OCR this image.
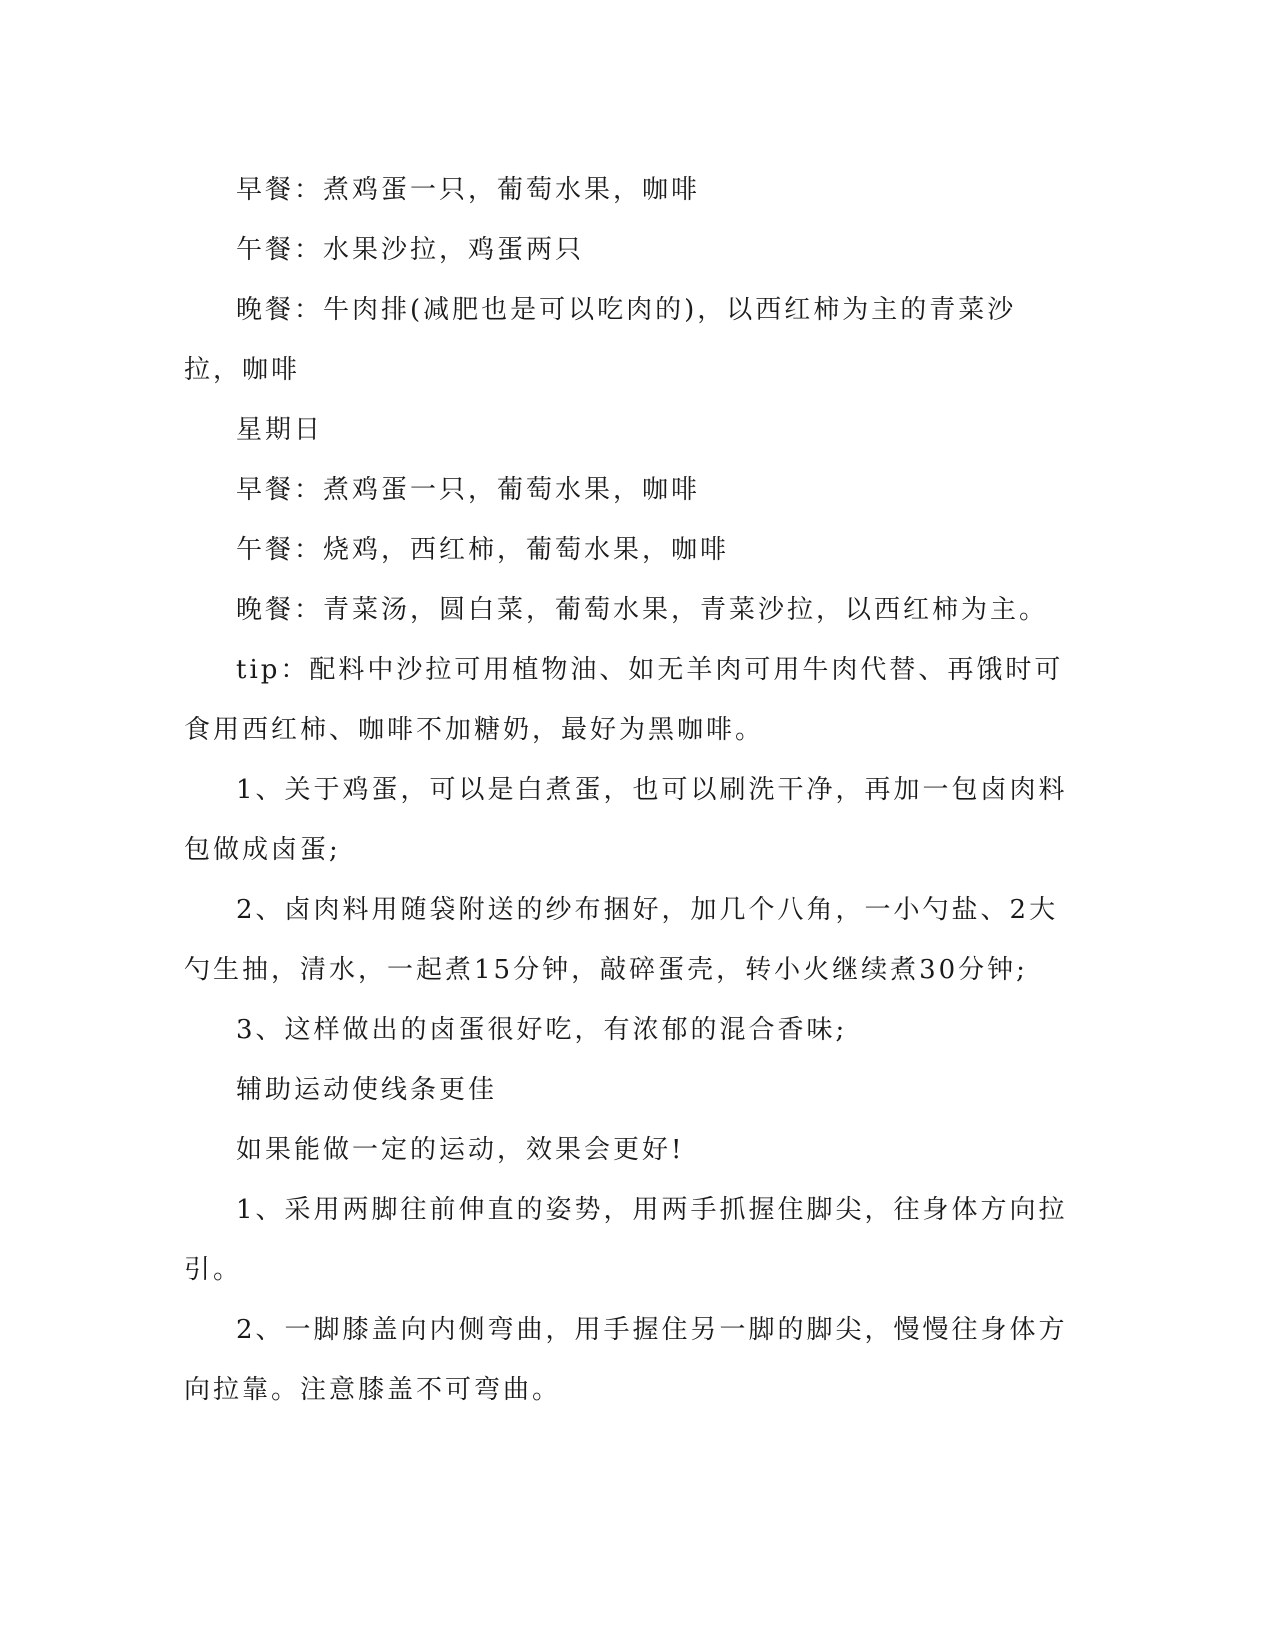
早餐：煮鸡蛋一只，葡萄水果，咖啡

午餐：水果沙拉，鸡蛋两只

晚餐：牛肉排(减肥也是可以吃肉的)，以西红柿为主的青菜沙拉，咖啡

星期日

早餐：煮鸡蛋一只，葡萄水果，咖啡

午餐：烧鸡，西红柿，葡萄水果，咖啡

晚餐：青菜汤，圆白菜，葡萄水果，青菜沙拉，以西红柿为主。

tip：配料中沙拉可用植物油、如无羊肉可用牛肉代替、再饿时可食用西红柿、咖啡不加糖奶，最好为黑咖啡。

1、关于鸡蛋，可以是白煮蛋，也可以刷洗干净，再加一包卤肉料包做成卤蛋;

2、卤肉料用随袋附送的纱布捆好，加几个八角，一小勺盐、2大勺生抽，清水，一起煮15分钟，敲碎蛋壳，转小火继续煮30分钟;

3、这样做出的卤蛋很好吃，有浓郁的混合香味;

辅助运动使线条更佳

如果能做一定的运动，效果会更好!

1、采用两脚往前伸直的姿势，用两手抓握住脚尖，往身体方向拉引。

2、一脚膝盖向内侧弯曲，用手握住另一脚的脚尖，慢慢往身体方向拉靠。注意膝盖不可弯曲。
